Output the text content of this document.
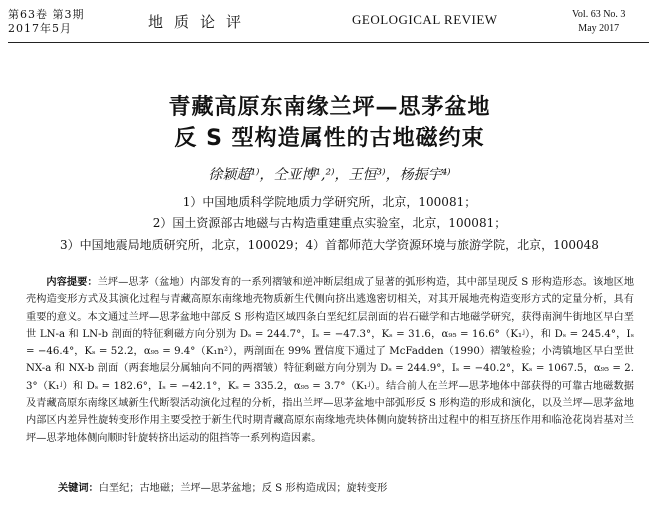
第63卷 第3期
2017年5月	地质论评	GEOLOGICAL REVIEW	Vol. 63 No. 3
May 2017
青藏高原东南缘兰坪—思茅盆地
反 S 型构造属性的古地磁约束
徐颖超¹⁾，仝亚博¹,²⁾，王恒³⁾，杨振宇⁴⁾
1）中国地质科学院地质力学研究所，北京，100081；
2）国土资源部古地磁与古构造重建重点实验室，北京，100081；
3）中国地震局地质研究所，北京，100029；4）首都师范大学资源环境与旅游学院，北京，100048
内容提要：兰坪—思茅（盆地）内部发育的一系列褶皱和逆冲断层组成了显著的弧形构造，其中部呈现反 S 形构造形态。该地区地壳构造变形方式及其演化过程与青藏高原东南缘地壳物质新生代侧向挤出逃逸密切相关，对其开展地壳构造变形方式的定量分析，具有重要的意义。本文通过兰坪—思茅盆地中部反 S 形构造区域四条白垩纪红层剖面的岩石磁学和古地磁学研究，获得南涧牛街地区早白垩世 LN-a 和 LN-b 剖面的特征剩磁方向分别为 Dₛ = 244.7°，Iₛ = −47.3°，Kₛ = 31.6，α₉₅ = 16.6°（K₁ʲ），和 Dₛ = 245.4°，Iₛ = −46.4°，Kₛ = 52.2，α₉₅ = 9.4°（K₁n²），两剖面在 99% 置信度下通过了 McFadden（1990）褶皱检验；小湾镇地区早白垩世 NX-a 和 NX-b 剖面（两套地层分属轴向不同的两褶皱）特征剩磁方向分别为 Dₛ = 244.9°，Iₛ = −40.2°，Kₛ = 1067.5，α₉₅ = 2.3°（K₁ʲ）和 Dₛ = 182.6°，Iₛ = −42.1°，Kₛ = 335.2，α₉₅ = 3.7°（K₁ʲ）。结合前人在兰坪—思茅地体中部获得的可靠古地磁数据及青藏高原东南缘区域新生代断裂活动演化过程的分析，指出兰坪—思茅盆地中部弧形反 S 形构造的形成和演化，以及兰坪—思茅盆地内部区内差异性旋转变形作用主要受控于新生代时期青藏高原东南缘地壳块体侧向旋转挤出过程中的相互挤压作用和临沧花岗岩基对兰坪—思茅地体侧向顺时针旋转挤出运动的阻挡等一系列构造因素。
关键词：白垩纪；古地磁；兰坪—思茅盆地；反 S 形构造成因；旋转变形
